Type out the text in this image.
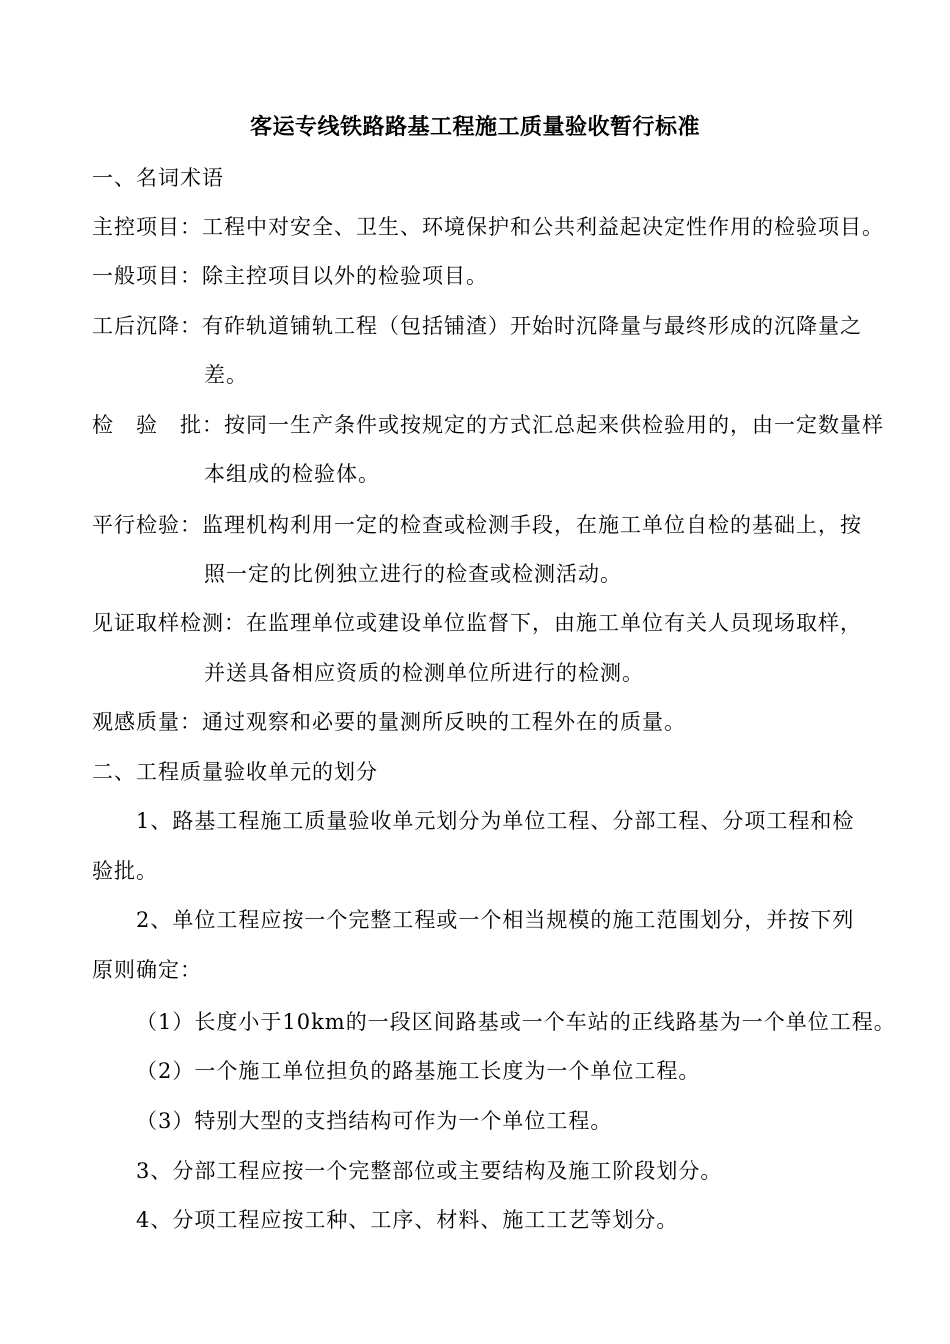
客运专线铁路路基工程施工质量验收暂行标准
一、名词术语
主控项目：工程中对安全、卫生、环境保护和公共利益起决定性作用的检验项目。
一般项目：除主控项目以外的检验项目。
工后沉降：有砟轨道铺轨工程（包括铺渣）开始时沉降量与最终形成的沉降量之
差。
检　验　批：按同一生产条件或按规定的方式汇总起来供检验用的，由一定数量样
本组成的检验体。
平行检验：监理机构利用一定的检查或检测手段，在施工单位自检的基础上，按
照一定的比例独立进行的检查或检测活动。
见证取样检测：在监理单位或建设单位监督下，由施工单位有关人员现场取样，
并送具备相应资质的检测单位所进行的检测。
观感质量：通过观察和必要的量测所反映的工程外在的质量。
二、工程质量验收单元的划分
1、路基工程施工质量验收单元划分为单位工程、分部工程、分项工程和检
验批。
2、单位工程应按一个完整工程或一个相当规模的施工范围划分，并按下列
原则确定：
（1）长度小于10km的一段区间路基或一个车站的正线路基为一个单位工程。
（2）一个施工单位担负的路基施工长度为一个单位工程。
（3）特别大型的支挡结构可作为一个单位工程。
3、分部工程应按一个完整部位或主要结构及施工阶段划分。
4、分项工程应按工种、工序、材料、施工工艺等划分。
